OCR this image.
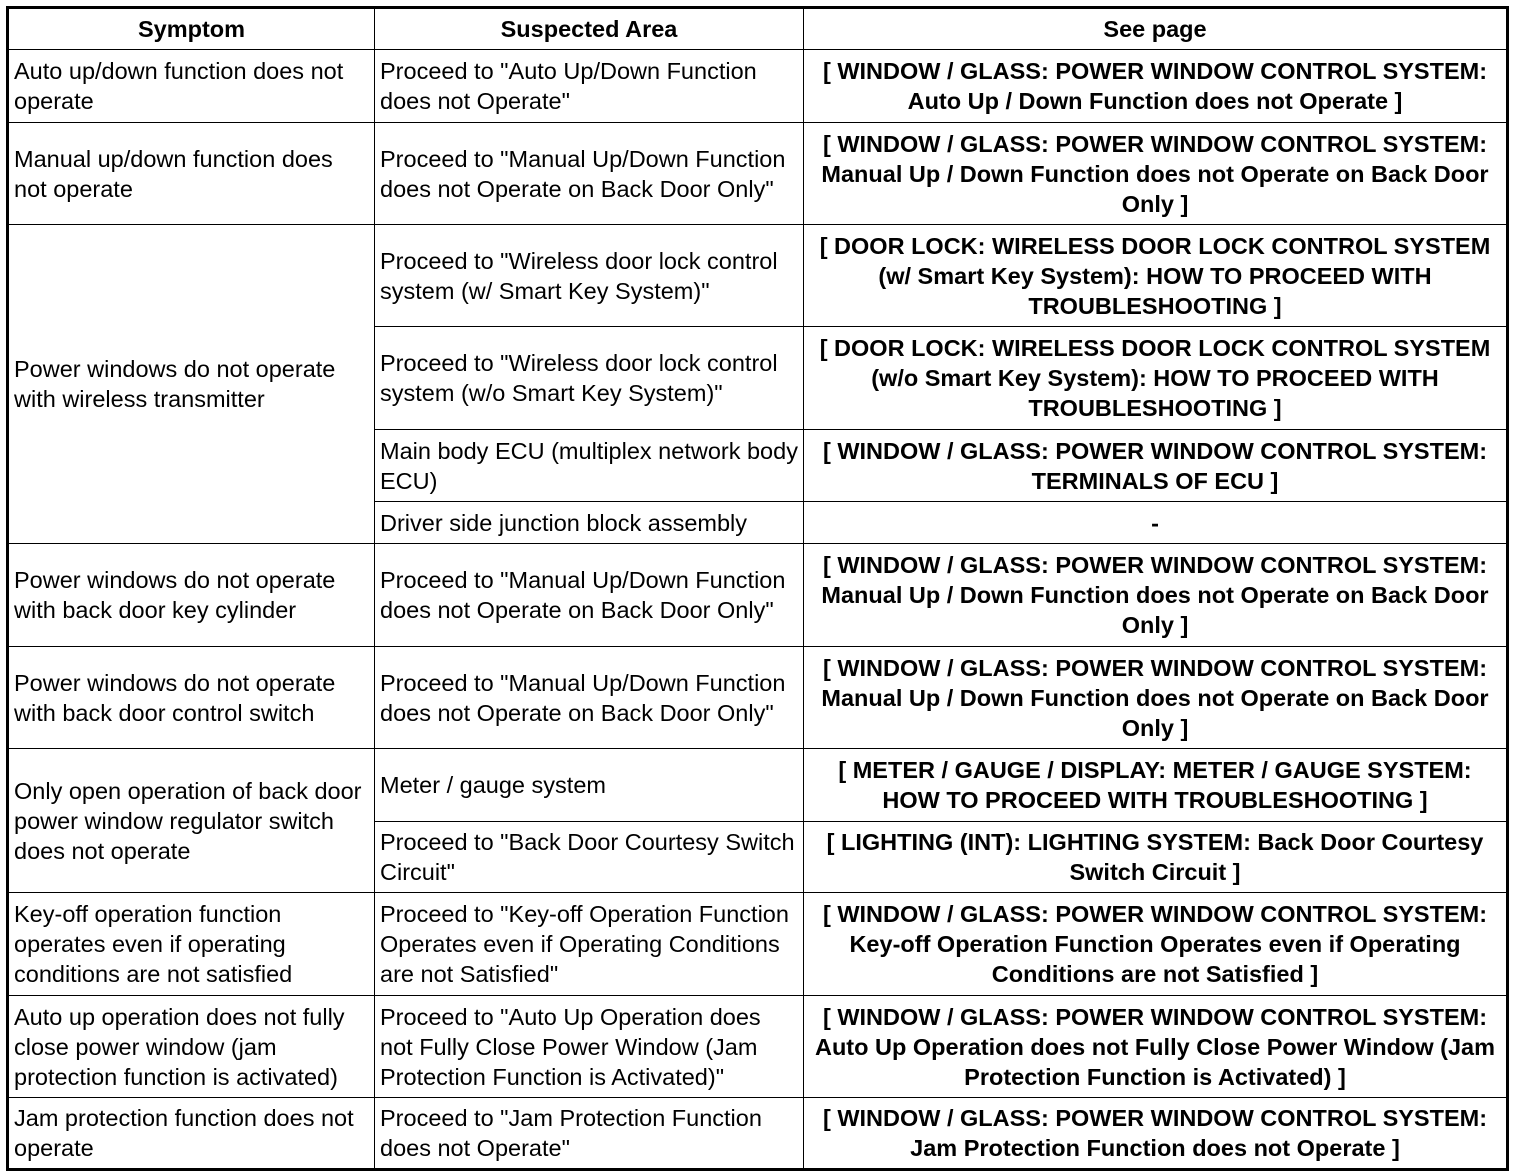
Symptom	Suspected Area	See page
Auto up/down function does not operate	Proceed to "Auto Up/Down Function does not Operate"	[ WINDOW / GLASS: POWER WINDOW CONTROL SYSTEM: Auto Up / Down Function does not Operate ]
Manual up/down function does not operate	Proceed to "Manual Up/Down Function does not Operate on Back Door Only"	[ WINDOW / GLASS: POWER WINDOW CONTROL SYSTEM: Manual Up / Down Function does not Operate on Back Door Only ]
Power windows do not operate with wireless transmitter	Proceed to "Wireless door lock control system (w/ Smart Key System)"	[ DOOR LOCK: WIRELESS DOOR LOCK CONTROL SYSTEM (w/ Smart Key System): HOW TO PROCEED WITH TROUBLESHOOTING ]
	Proceed to "Wireless door lock control system (w/o Smart Key System)"	[ DOOR LOCK: WIRELESS DOOR LOCK CONTROL SYSTEM (w/o Smart Key System): HOW TO PROCEED WITH TROUBLESHOOTING ]
	Main body ECU (multiplex network body ECU)	[ WINDOW / GLASS: POWER WINDOW CONTROL SYSTEM: TERMINALS OF ECU ]
	Driver side junction block assembly	-
Power windows do not operate with back door key cylinder	Proceed to "Manual Up/Down Function does not Operate on Back Door Only"	[ WINDOW / GLASS: POWER WINDOW CONTROL SYSTEM: Manual Up / Down Function does not Operate on Back Door Only ]
Power windows do not operate with back door control switch	Proceed to "Manual Up/Down Function does not Operate on Back Door Only"	[ WINDOW / GLASS: POWER WINDOW CONTROL SYSTEM: Manual Up / Down Function does not Operate on Back Door Only ]
Only open operation of back door power window regulator switch does not operate	Meter / gauge system	[ METER / GAUGE / DISPLAY: METER / GAUGE SYSTEM: HOW TO PROCEED WITH TROUBLESHOOTING ]
	Proceed to "Back Door Courtesy Switch Circuit"	[ LIGHTING (INT): LIGHTING SYSTEM: Back Door Courtesy Switch Circuit ]
Key-off operation function operates even if operating conditions are not satisfied	Proceed to "Key-off Operation Function Operates even if Operating Conditions are not Satisfied"	[ WINDOW / GLASS: POWER WINDOW CONTROL SYSTEM: Key-off Operation Function Operates even if Operating Conditions are not Satisfied ]
Auto up operation does not fully close power window (jam protection function is activated)	Proceed to "Auto Up Operation does not Fully Close Power Window (Jam Protection Function is Activated)"	[ WINDOW / GLASS: POWER WINDOW CONTROL SYSTEM: Auto Up Operation does not Fully Close Power Window (Jam Protection Function is Activated) ]
Jam protection function does not operate	Proceed to "Jam Protection Function does not Operate"	[ WINDOW / GLASS: POWER WINDOW CONTROL SYSTEM: Jam Protection Function does not Operate ]
